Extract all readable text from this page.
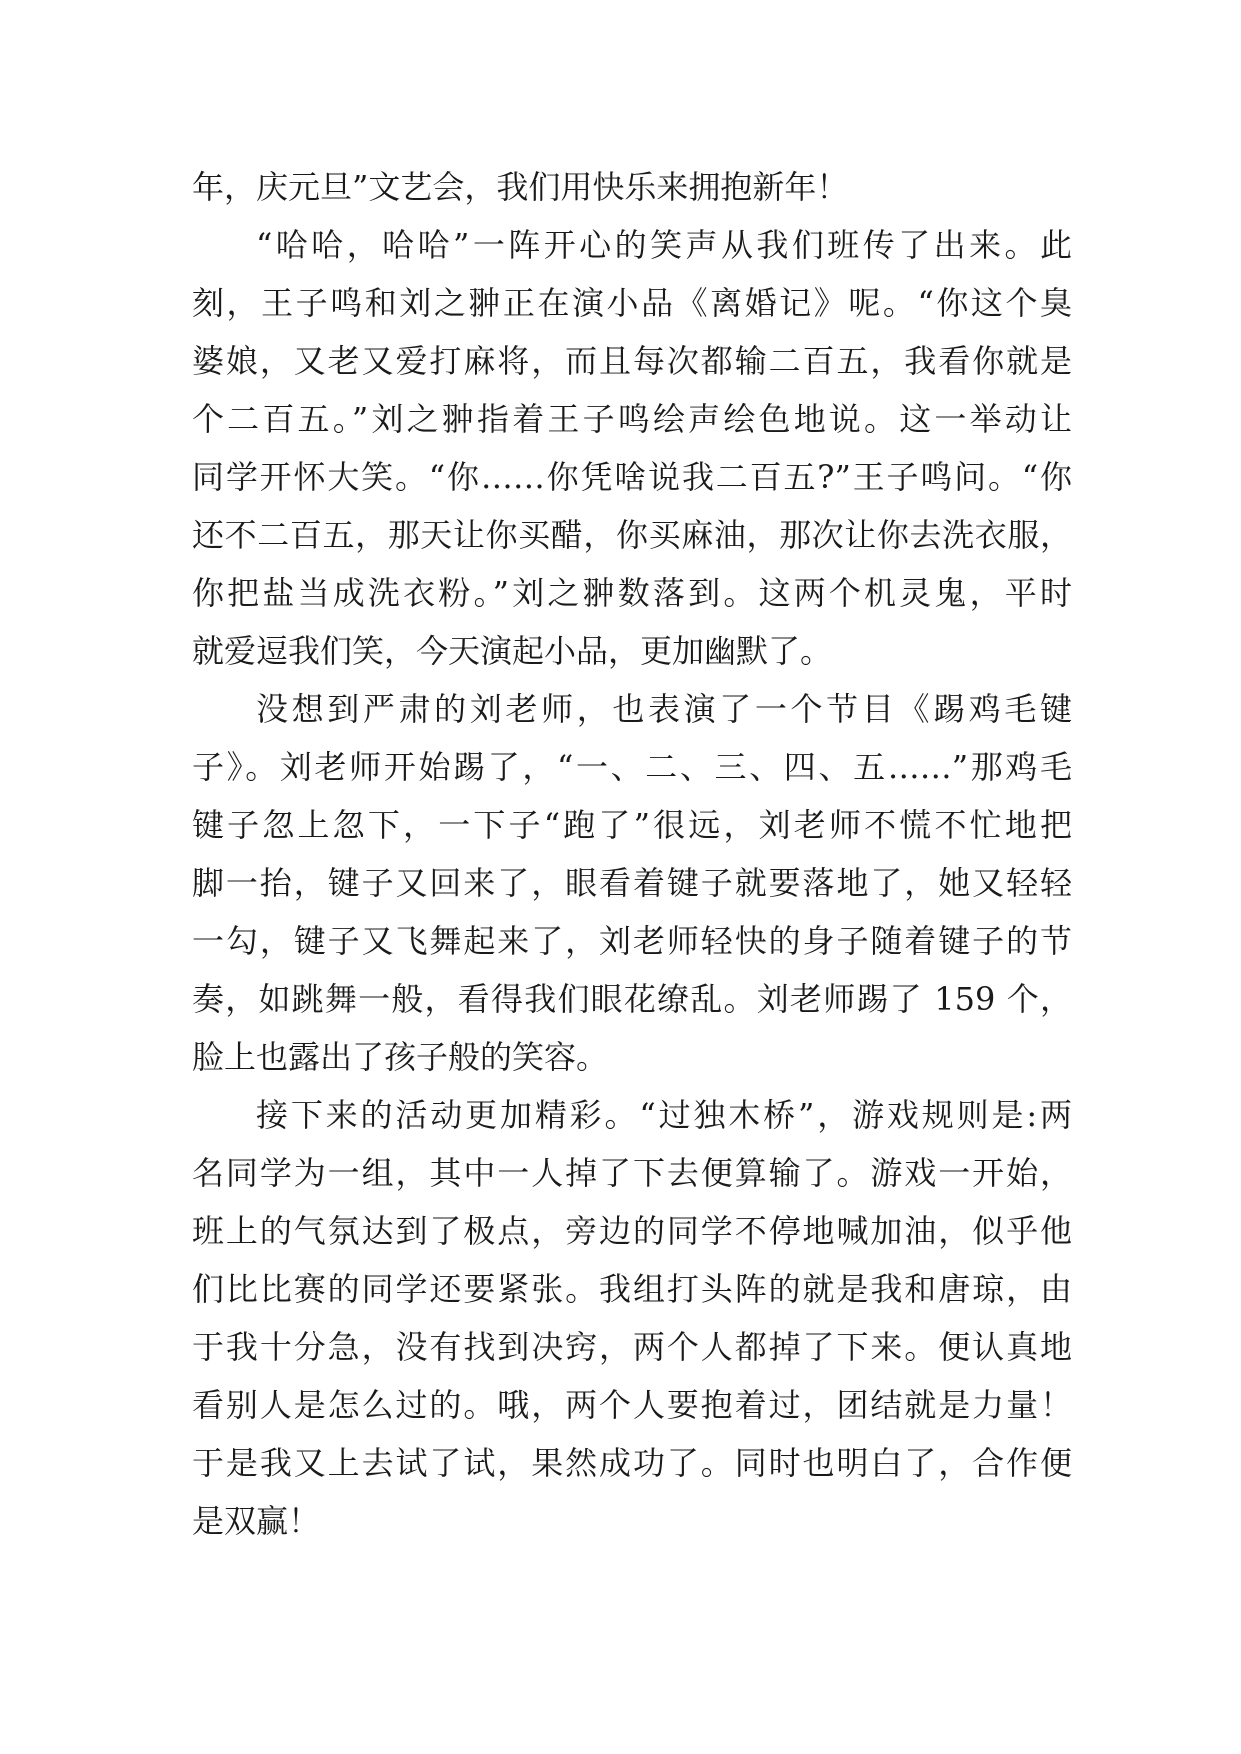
年，庆元旦”文艺会，我们用快乐来拥抱新年！
“哈哈，哈哈”一阵开心的笑声从我们班传了出来。此
刻，王子鸣和刘之翀正在演小品《离婚记》呢。“你这个臭
婆娘，又老又爱打麻将，而且每次都输二百五，我看你就是
个二百五。”刘之翀指着王子鸣绘声绘色地说。这一举动让
同学开怀大笑。“你……你凭啥说我二百五?”王子鸣问。“你
还不二百五，那天让你买醋，你买麻油，那次让你去洗衣服，
你把盐当成洗衣粉。”刘之翀数落到。这两个机灵鬼，平时
就爱逗我们笑，今天演起小品，更加幽默了。
没想到严肃的刘老师，也表演了一个节目《踢鸡毛键
子》。刘老师开始踢了，“一、二、三、四、五……”那鸡毛
键子忽上忽下，一下子“跑了”很远，刘老师不慌不忙地把
脚一抬，键子又回来了，眼看着键子就要落地了，她又轻轻
一勾，键子又飞舞起来了，刘老师轻快的身子随着键子的节
奏，如跳舞一般，看得我们眼花缭乱。刘老师踢了 159 个，
脸上也露出了孩子般的笑容。
接下来的活动更加精彩。“过独木桥”，游戏规则是:两
名同学为一组，其中一人掉了下去便算输了。游戏一开始，
班上的气氛达到了极点，旁边的同学不停地喊加油，似乎他
们比比赛的同学还要紧张。我组打头阵的就是我和唐琼，由
于我十分急，没有找到决窍，两个人都掉了下来。便认真地
看别人是怎么过的。哦，两个人要抱着过，团结就是力量！
于是我又上去试了试，果然成功了。同时也明白了，合作便
是双赢！
